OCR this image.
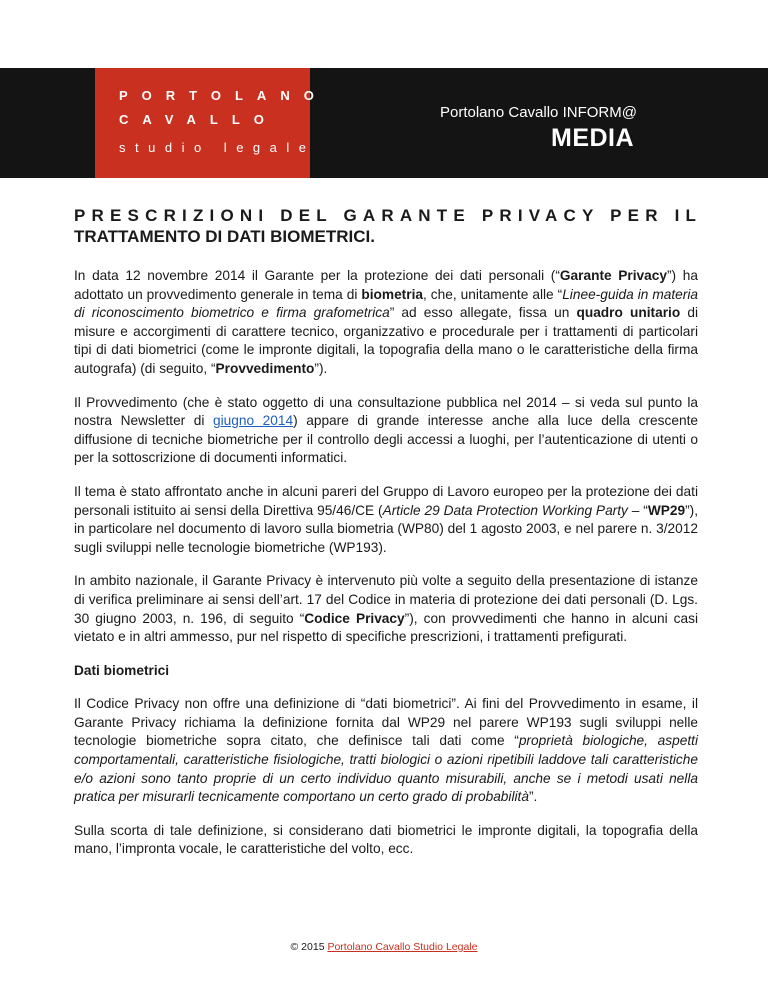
PORTOLANO
CAVALLO
studio legale
Portolano Cavallo INFORM@
MEDIA
PRESCRIZIONI DEL GARANTE PRIVACY PER IL
TRATTAMENTO DI DATI BIOMETRICI.

In data 12 novembre 2014 il Garante per la protezione dei dati personali (“Garante Privacy”) ha adottato un provvedimento generale in tema di biometria, che, unitamente alle “Linee-guida in materia di riconoscimento biometrico e firma grafometrica” ad esso allegate, fissa un quadro unitario di misure e accorgimenti di carattere tecnico, organizzativo e procedurale per i trattamenti di particolari tipi di dati biometrici (come le impronte digitali, la topografia della mano o le caratteristiche della firma autografa) (di seguito, “Provvedimento”).

Il Provvedimento (che è stato oggetto di una consultazione pubblica nel 2014 – si veda sul punto la nostra Newsletter di giugno 2014) appare di grande interesse anche alla luce della crescente diffusione di tecniche biometriche per il controllo degli accessi a luoghi, per l’autenticazione di utenti o per la sottoscrizione di documenti informatici.

Il tema è stato affrontato anche in alcuni pareri del Gruppo di Lavoro europeo per la protezione dei dati personali istituito ai sensi della Direttiva 95/46/CE (Article 29 Data Protection Working Party – “WP29”), in particolare nel documento di lavoro sulla biometria (WP80) del 1 agosto 2003, e nel parere n. 3/2012 sugli sviluppi nelle tecnologie biometriche (WP193).

In ambito nazionale, il Garante Privacy è intervenuto più volte a seguito della presentazione di istanze di verifica preliminare ai sensi dell’art. 17 del Codice in materia di protezione dei dati personali (D. Lgs. 30 giugno 2003, n. 196, di seguito “Codice Privacy”), con provvedimenti che hanno in alcuni casi vietato e in altri ammesso, pur nel rispetto di specifiche prescrizioni, i trattamenti prefigurati.

Dati biometrici

Il Codice Privacy non offre una definizione di “dati biometrici”. Ai fini del Provvedimento in esame, il Garante Privacy richiama la definizione fornita dal WP29 nel parere WP193 sugli sviluppi nelle tecnologie biometriche sopra citato, che definisce tali dati come “proprietà biologiche, aspetti comportamentali, caratteristiche fisiologiche, tratti biologici o azioni ripetibili laddove tali caratteristiche e/o azioni sono tanto proprie di un certo individuo quanto misurabili, anche se i metodi usati nella pratica per misurarli tecnicamente comportano un certo grado di probabilità”.

Sulla scorta di tale definizione, si considerano dati biometrici le impronte digitali, la topografia della mano, l’impronta vocale, le caratteristiche del volto, ecc.

© 2015 Portolano Cavallo Studio Legale
